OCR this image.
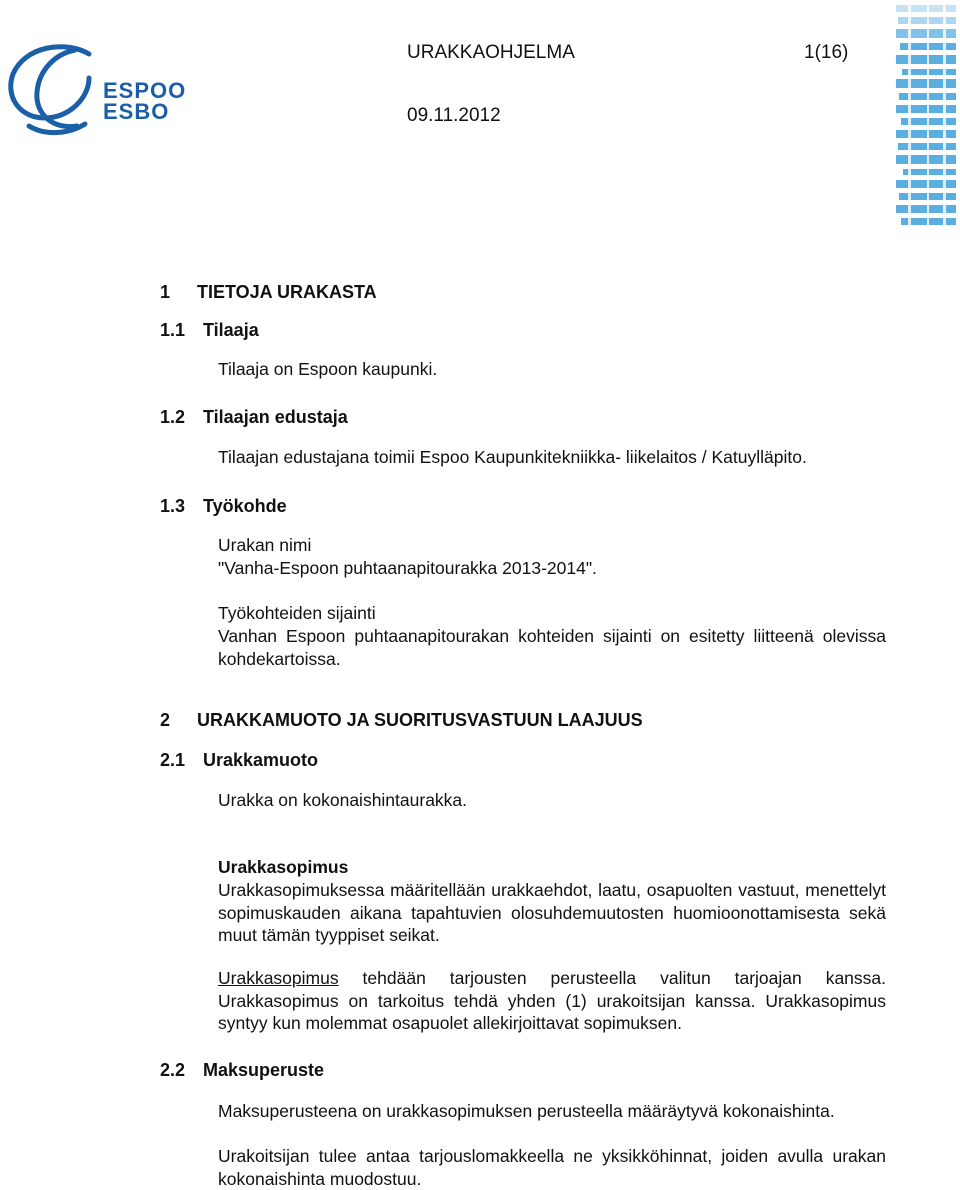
ESPOO
ESBO
URAKKAOHJELMA	1(16)
09.11.2012
1 TIETOJA URAKASTA
1.1 Tilaaja
Tilaaja on Espoon kaupunki.
1.2 Tilaajan edustaja
Tilaajan edustajana toimii Espoo Kaupunkitekniikka- liikelaitos / Katuylläpito.
1.3 Työkohde
Urakan nimi
"Vanha-Espoon puhtaanapitourakka 2013-2014".
Työkohteiden sijainti
Vanhan Espoon puhtaanapitourakan kohteiden sijainti on esitetty liitteenä olevissa kohdekartoissa.
2 URAKKAMUOTO JA SUORITUSVASTUUN LAAJUUS
2.1 Urakkamuoto
Urakka on kokonaishintaurakka.
Urakkasopimus
Urakkasopimuksessa määritellään urakkaehdot, laatu, osapuolten vastuut, menettelyt sopimuskauden aikana tapahtuvien olosuhdemuutosten huomioonottamisesta sekä muut tämän tyyppiset seikat.
Urakkasopimus tehdään tarjousten perusteella valitun tarjoajan kanssa. Urakkasopimus on tarkoitus tehdä yhden (1) urakoitsijan kanssa. Urakkasopimus syntyy kun molemmat osapuolet allekirjoittavat sopimuksen.
2.2 Maksuperuste
Maksuperusteena on urakkasopimuksen perusteella määräytyvä kokonaishinta.
Urakoitsijan tulee antaa tarjouslomakkeella ne yksikköhinnat, joiden avulla urakan kokonaishinta muodostuu.
